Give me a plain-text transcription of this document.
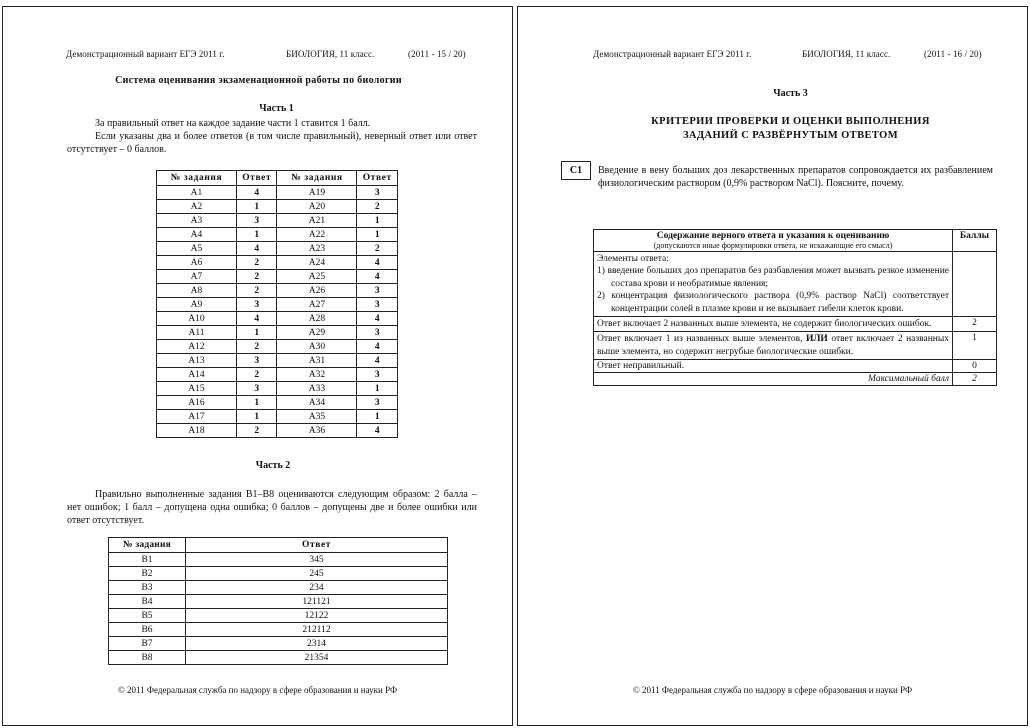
Демонстрационный вариант ЕГЭ 2011 г.	БИОЛОГИЯ, 11 класс.	(2011 - 15 / 20)
Система оценивания экзаменационной работы по биологии
Часть 1
За правильный ответ на каждое задание части 1 ставится 1 балл.
Если указаны два и более ответов (в том числе правильный), неверный ответ или ответ отсутствует – 0 баллов.
№ задания	Ответ	№ задания	Ответ
А1	4	А19	3
А2	1	А20	2
А3	3	А21	1
А4	1	А22	1
А5	4	А23	2
А6	2	А24	4
А7	2	А25	4
А8	2	А26	3
А9	3	А27	3
А10	4	А28	4
А11	1	А29	3
А12	2	А30	4
А13	3	А31	4
А14	2	А32	3
А15	3	А33	1
А16	1	А34	3
А17	1	А35	1
А18	2	А36	4
Часть 2
Правильно выполненные задания В1–В8 оцениваются следующим образом: 2 балла – нет ошибок; 1 балл – допущена одна ошибка; 0 баллов – допущены две и более ошибки или ответ отсутствует.
№ задания	Ответ
В1	345
В2	245
В3	234
В4	121121
В5	12122
В6	212112
В7	2314
В8	21354
© 2011 Федеральная служба по надзору в сфере образования и науки РФ
Демонстрационный вариант ЕГЭ 2011 г.	БИОЛОГИЯ, 11 класс.	(2011 - 16 / 20)
Часть 3
КРИТЕРИИ ПРОВЕРКИ И ОЦЕНКИ ВЫПОЛНЕНИЯ
ЗАДАНИЙ С РАЗВЁРНУТЫМ ОТВЕТОМ
C1	Введение в вену больших доз лекарственных препаратов сопровождается их разбавлением физиологическим раствором (0,9% раствором NaCl). Поясните, почему.
Содержание верного ответа и указания к оцениванию
(допускаются иные формулировки ответа, не искажающие его смысл)	Баллы

Элементы ответа:
1) введение больших доз препаратов без разбавления может вызвать резкое изменение состава крови и необратимые явления;
2) концентрация физиологического раствора (0,9% раствор NaCl) соответствует концентрации солей в плазме крови и не вызывает гибели клеток крови.	

Ответ включает 2 названных выше элемента, не содержит биологических ошибок.	2
Ответ включает 1 из названных выше элементов, ИЛИ ответ включает 2 названных выше элемента, но содержит негрубые биологические ошибки.	1
Ответ неправильный.	0
Максимальный балл	2
© 2011 Федеральная служба по надзору в сфере образования и науки РФ
